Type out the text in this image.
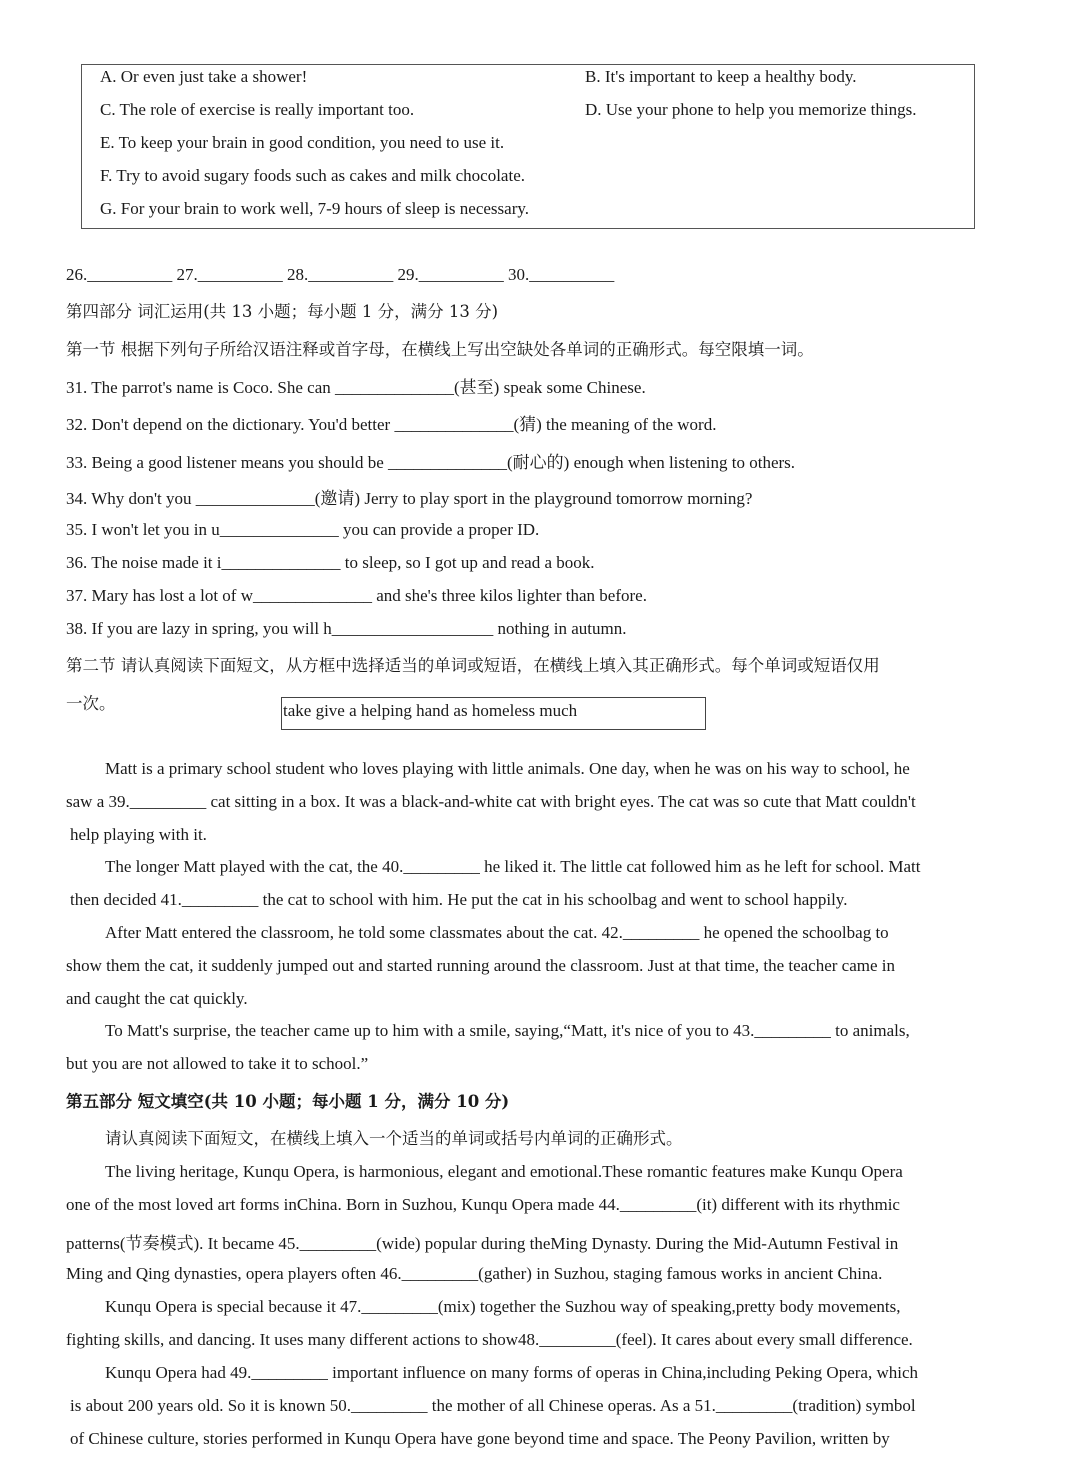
A. Or even just take a shower!	B. It's important to keep a healthy body.
C. The role of exercise is really important too.	D. Use your phone to help you memorize things.
E. To keep your brain in good condition, you need to use it.
F. Try to avoid sugary foods such as cakes and milk chocolate.
G. For your brain to work well, 7-9 hours of sleep is necessary.
26.__________ 27.__________ 28.__________ 29.__________ 30.__________
第四部分 词汇运用(共 13 小题；每小题 1 分，满分 13 分)
第一节 根据下列句子所给汉语注释或首字母，在横线上写出空缺处各单词的正确形式。每空限填一词。
31. The parrot's name is Coco. She can ______________(甚至) speak some Chinese.
32. Don't depend on the dictionary. You'd better ______________(猜) the meaning of the word.
33. Being a good listener means you should be ______________(耐心的) enough when listening to others.
34. Why don't you ______________(邀请) Jerry to play sport in the playground tomorrow morning?
35. I won't let you in u______________ you can provide a proper ID.
36. The noise made it i______________ to sleep, so I got up and read a book.
37. Mary has lost a lot of w______________ and she's three kilos lighter than before.
38. If you are lazy in spring, you will h___________________ nothing in autumn.
第二节 请认真阅读下面短文，从方框中选择适当的单词或短语，在横线上填入其正确形式。每个单词或短语仅用
一次。	take give a helping hand as homeless much
Matt is a primary school student who loves playing with little animals. One day, when he was on his way to school, he
saw a 39._________ cat sitting in a box. It was a black-and-white cat with bright eyes. The cat was so cute that Matt couldn't
help playing with it.
The longer Matt played with the cat, the 40._________ he liked it. The little cat followed him as he left for school. Matt
then decided 41._________ the cat to school with him. He put the cat in his schoolbag and went to school happily.
After Matt entered the classroom, he told some classmates about the cat. 42._________ he opened the schoolbag to
show them the cat, it suddenly jumped out and started running around the classroom. Just at that time, the teacher came in
and caught the cat quickly.
To Matt's surprise, the teacher came up to him with a smile, saying,“Matt, it's nice of you to 43._________ to animals,
but you are not allowed to take it to school.”
第五部分 短文填空(共 10 小题；每小题 1 分，满分 10 分)
请认真阅读下面短文，在横线上填入一个适当的单词或括号内单词的正确形式。
The living heritage, Kunqu Opera, is harmonious, elegant and emotional.These romantic features make Kunqu Opera
one of the most loved art forms inChina. Born in Suzhou, Kunqu Opera made 44._________(it) different with its rhythmic
patterns(节奏模式). It became 45._________(wide) popular during theMing Dynasty. During the Mid-Autumn Festival in
Ming and Qing dynasties, opera players often 46._________(gather) in Suzhou, staging famous works in ancient China.
Kunqu Opera is special because it 47._________(mix) together the Suzhou way of speaking,pretty body movements,
fighting skills, and dancing. It uses many different actions to show48._________(feel). It cares about every small difference.
Kunqu Opera had 49._________ important influence on many forms of operas in China,including Peking Opera, which
is about 200 years old. So it is known 50._________ the mother of all Chinese operas. As a 51._________(tradition) symbol
of Chinese culture, stories performed in Kunqu Opera have gone beyond time and space. The Peony Pavilion, written by
